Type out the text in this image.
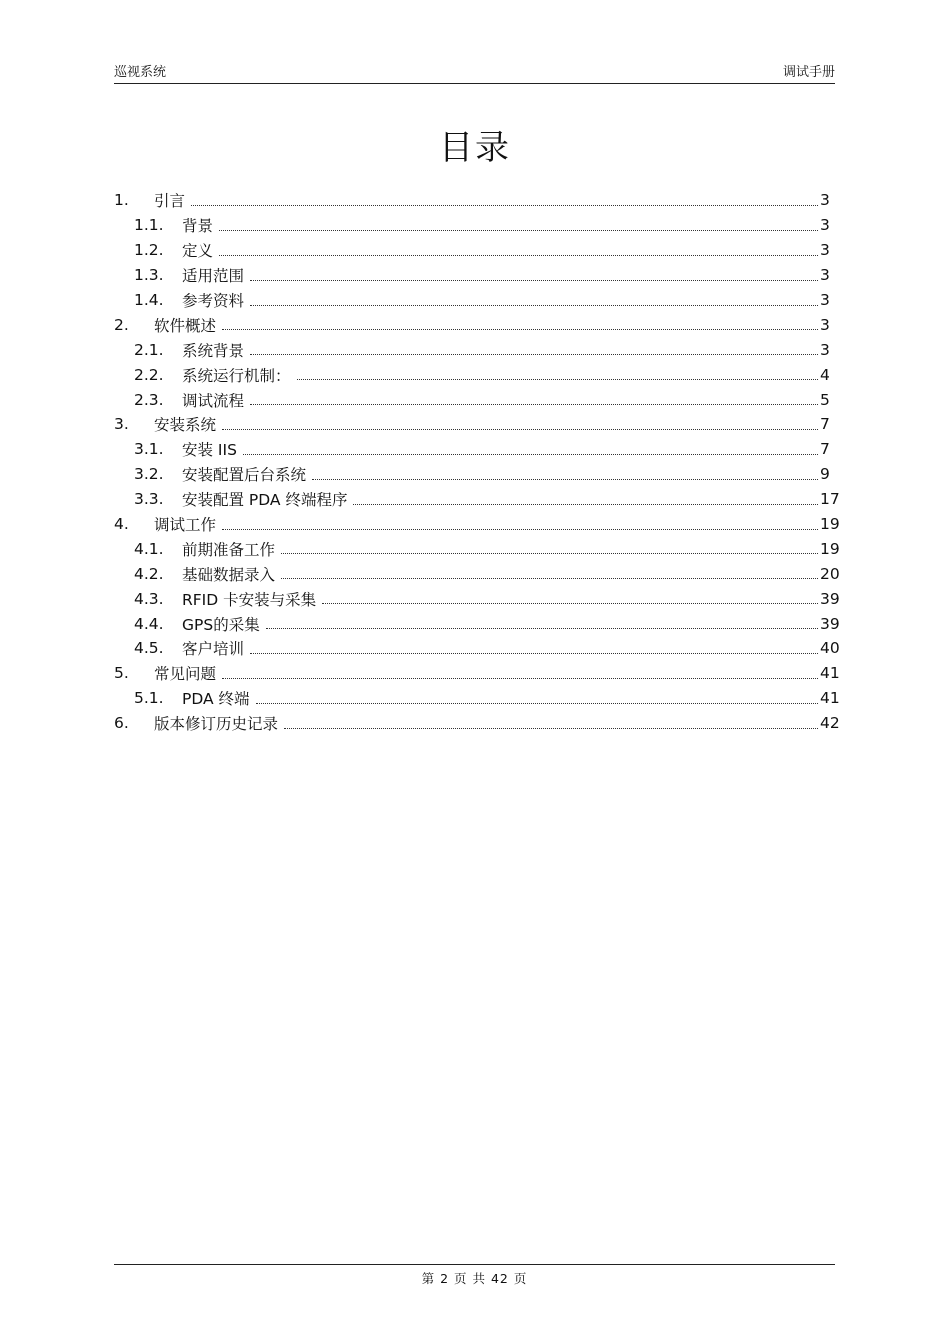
巡视系统	调试手册
目录
1.	引言	3
1.1.	背景	3
1.2.	定义	3
1.3.	适用范围	3
1.4.	参考资料	3
2.	软件概述	3
2.1.	系统背景	3
2.2.	系统运行机制：	4
2.3.	调试流程	5
3.	安装系统	7
3.1.	安装 IIS	7
3.2.	安装配置后台系统	9
3.3.	安装配置 PDA 终端程序	17
4.	调试工作	19
4.1.	前期准备工作	19
4.2.	基础数据录入	20
4.3.	RFID 卡安装与采集	39
4.4.	GPS的采集	39
4.5.	客户培训	40
5.	常见问题	41
5.1.	PDA 终端	41
6.	版本修订历史记录	42
第 2 页 共 42 页
